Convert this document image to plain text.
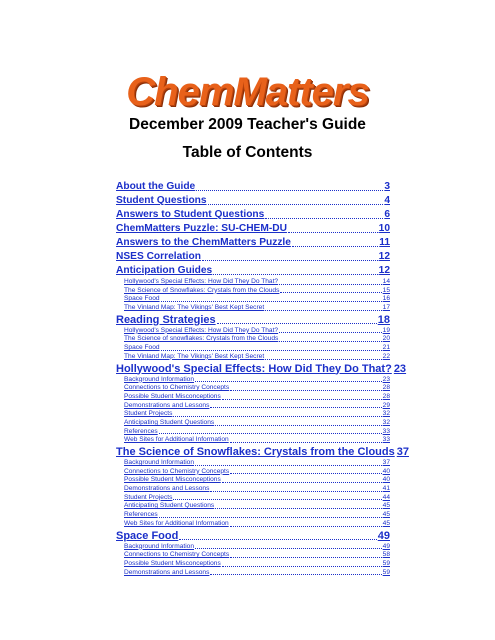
ChemMatters
December 2009 Teacher's Guide
Table of Contents
About the Guide	3
Student Questions	4
Answers to Student Questions	6
ChemMatters Puzzle: SU-CHEM-DU	10
Answers to the ChemMatters Puzzle	11
NSES Correlation	12
Anticipation Guides	12
Hollywood's Special Effects: How Did They Do That?	14
The Science of Snowflakes: Crystals from the Clouds	15
Space Food	16
The Vinland Map: The Vikings' Best Kept Secret	17
Reading Strategies	18
Hollywood's Special Effects: How Did They Do That?	19
The Science of snowflakes: Crystals from the Clouds	20
Space Food	21
The Vinland Map: The Vikings' Best Kept Secret	22
Hollywood's Special Effects: How Did They Do That? 23
Background Information	23
Connections to Chemistry Concepts	28
Possible Student Misconceptions	28
Demonstrations and Lessons	29
Student Projects	32
Anticipating Student Questions	32
References	33
Web Sites for Additional Information	33
The Science of Snowflakes: Crystals from the Clouds 37
Background Information	37
Connections to Chemistry Concepts	40
Possible Student Misconceptions	40
Demonstrations and Lessons	41
Student Projects	44
Anticipating Student Questions	45
References	45
Web Sites for Additional Information	45
Space Food	49
Background Information	49
Connections to Chemistry Concepts	58
Possible Student Misconceptions	59
Demonstrations and Lessons	59
